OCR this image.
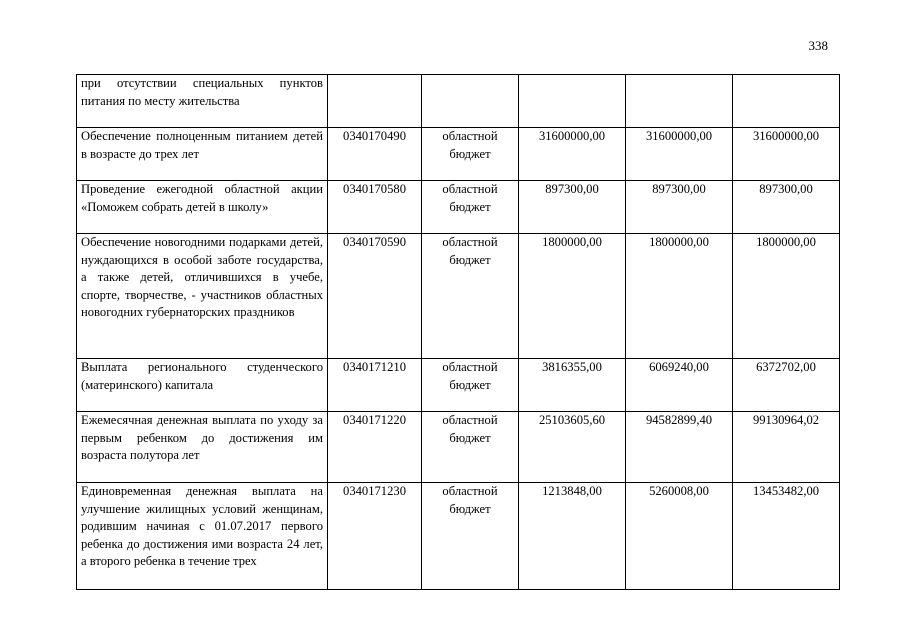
338
при отсутствии специальных пунктов питания по месту жительства					
Обеспечение полноценным питанием детей в возрасте до трех лет	0340170490	областной бюджет	31600000,00	31600000,00	31600000,00
Проведение ежегодной областной акции «Поможем собрать детей в школу»	0340170580	областной бюджет	897300,00	897300,00	897300,00
Обеспечение новогодними подарками детей, нуждающихся в особой заботе государства, а также детей, отличившихся в учебе, спорте, творчестве, - участников областных новогодних губернаторских праздников	0340170590	областной бюджет	1800000,00	1800000,00	1800000,00
Выплата регионального студенческого (материнского) капитала	0340171210	областной бюджет	3816355,00	6069240,00	6372702,00
Ежемесячная денежная выплата по уходу за первым ребенком до достижения им возраста полутора лет	0340171220	областной бюджет	25103605,60	94582899,40	99130964,02
Единовременная денежная выплата на улучшение жилищных условий женщинам, родившим начиная с 01.07.2017 первого ребенка до достижения ими возраста 24 лет, а второго ребенка в течение трех	0340171230	областной бюджет	1213848,00	5260008,00	13453482,00
